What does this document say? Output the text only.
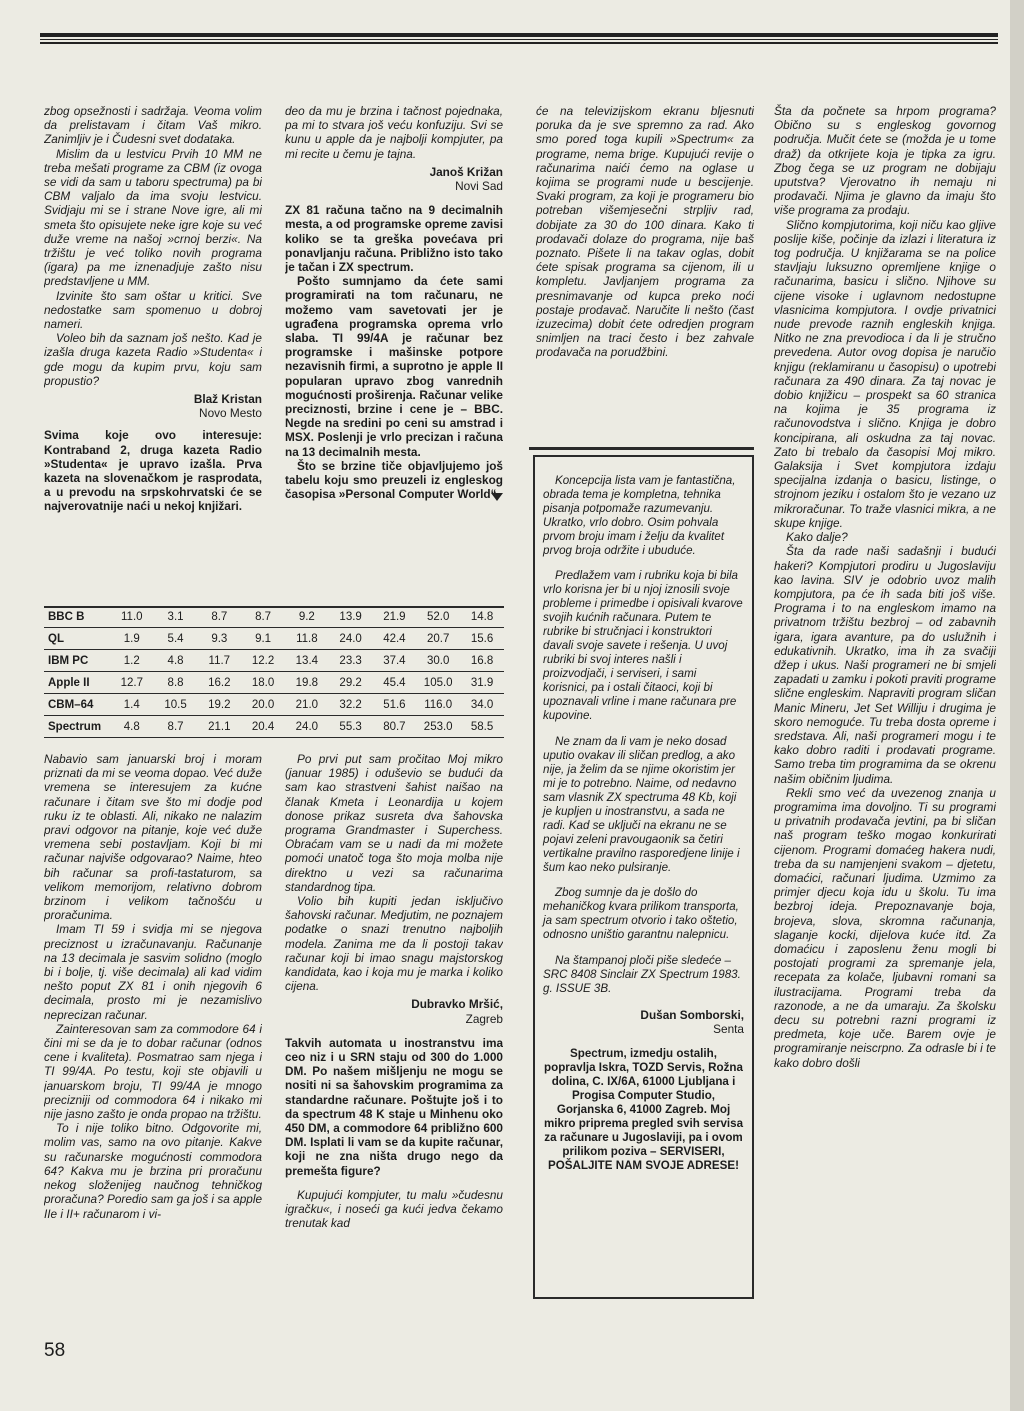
zbog opsežnosti i sadržaja. Veoma volim da prelistavam i čitam Vaš mikro. Zanimljiv je i Čudesni svet dodataka.

Mislim da u lestvicu Prvih 10 MM ne treba mešati programe za CBM (iz ovoga se vidi da sam u taboru spectruma) pa bi CBM valjalo da ima svoju lestvicu. Svidjaju mi se i strane Nove igre, ali mi smeta što opisujete neke igre koje su već duže vreme na našoj »crnoj berzi«. Na tržištu je već toliko novih programa (igara) pa me iznenadjuje zašto nisu predstavljene u MM.

Izvinite što sam oštar u kritici. Sve nedostatke sam spomenuo u dobroj nameri.

Voleo bih da saznam još nešto. Kad je izašla druga kazeta Radio »Studenta« i gde mogu da kupim prvu, koju sam propustio?

Blaž Kristan
Novo Mesto

Svima koje ovo interesuje: Kontraband 2, druga kazeta Radio »Studenta« je upravo izašla. Prva kazeta na slovenačkom je rasprodata, a u prevodu na srpskohrvatski će se najverovatnije naći u nekoj knjižari.

deo da mu je brzina i tačnost pojednaka, pa mi to stvara još veću konfuziju. Svi se kunu u apple da je najbolji kompjuter, pa mi recite u čemu je tajna.

Janoš Križan
Novi Sad

ZX 81 računa tačno na 9 decimalnih mesta, a od programske opreme zavisi koliko se ta greška povećava pri ponavljanju računa. Približno isto tako je tačan i ZX spectrum.

Pošto sumnjamo da ćete sami programirati na tom računaru, ne možemo vam savetovati jer je ugrađena programska oprema vrlo slaba. TI 99/4A je računar bez programske i mašinske potpore nezavisnih firmi, a suprotno je apple II popularan upravo zbog vanrednih mogućnosti proširenja. Računar velike preciznosti, brzine i cene je – BBC. Negde na sredini po ceni su amstrad i MSX. Poslenji je vrlo precizan i računa na 13 decimalnih mesta.

Što se brzine tiče objavljujemo još tabelu koju smo preuzeli iz engleskog časopisa »Personal Computer World“.

BBC B	11.0	3.1	8.7	8.7	9.2	13.9	21.9	52.0	14.8
QL	1.9	5.4	9.3	9.1	11.8	24.0	42.4	20.7	15.6
IBM PC	1.2	4.8	11.7	12.2	13.4	23.3	37.4	30.0	16.8
Apple II	12.7	8.8	16.2	18.0	19.8	29.2	45.4	105.0	31.9
CBM–64	1.4	10.5	19.2	20.0	21.0	32.2	51.6	116.0	34.0
Spectrum	4.8	8.7	21.1	20.4	24.0	55.3	80.7	253.0	58.5

Nabavio sam januarski broj i moram priznati da mi se veoma dopao. Već duže vremena se interesujem za kućne računare i čitam sve što mi dodje pod ruku iz te oblasti. Ali, nikako ne nalazim pravi odgovor na pitanje, koje već duže vremena sebi postavljam. Koji bi mi računar najviše odgovarao? Naime, hteo bih računar sa profi-tastaturom, sa velikom memorijom, relativno dobrom brzinom i velikom tačnošću u proračunima.

Imam TI 59 i svidja mi se njegova preciznost u izračunavanju. Računanje na 13 decimala je sasvim solidno (moglo bi i bolje, tj. više decimala) ali kad vidim nešto poput ZX 81 i onih njegovih 6 decimala, prosto mi je nezamislivo neprecizan računar.

Zainteresovan sam za commodore 64 i čini mi se da je to dobar računar (odnos cene i kvaliteta). Posmatrao sam njega i TI 99/4A. Po testu, koji ste objavili u januarskom broju, TI 99/4A je mnogo precizniji od commodora 64 i nikako mi nije jasno zašto je onda propao na tržištu.

To i nije toliko bitno. Odgovorite mi, molim vas, samo na ovo pitanje. Kakve su računarske mogućnosti commodora 64? Kakva mu je brzina pri proračunu nekog složenijeg naučnog tehničkog proračuna? Poredio sam ga još i sa apple IIe i II+ računarom i vi-

Po prvi put sam pročitao Moj mikro (januar 1985) i oduševio se budući da sam kao strastveni šahist naišao na članak Kmeta i Leonardija u kojem donose prikaz susreta dva šahovska programa Grandmaster i Superchess. Obraćam vam se u nadi da mi možete pomoći unatoč toga što moja molba nije direktno u vezi sa računarima standardnog tipa.

Volio bih kupiti jedan isključivo šahovski računar. Medjutim, ne poznajem podatke o snazi trenutno najboljih modela. Zanima me da li postoji takav računar koji bi imao snagu majstorskog kandidata, kao i koja mu je marka i koliko cijena.

Dubravko Mršić,
Zagreb

Takvih automata u inostranstvu ima ceo niz i u SRN staju od 300 do 1.000 DM. Po našem mišljenju ne mogu se nositi ni sa šahovskim programima za standardne računare. Poštujte još i to da spectrum 48 K staje u Minhenu oko 450 DM, a commodore 64 približno 600 DM. Isplati li vam se da kupite računar, koji ne zna ništa drugo nego da premešta figure?

Kupujući kompjuter, tu malu »čudesnu igračku«, i noseći ga kući jedva čekamo trenutak kad

će na televizijskom ekranu bljesnuti poruka da je sve spremno za rad. Ako smo pored toga kupili »Spectrum« za programe, nema brige. Kupujući revije o računarima naići ćemo na oglase u kojima se programi nude u bescijenje. Svaki program, za koji je programeru bio potreban višemjesečni strpljiv rad, dobijate za 30 do 100 dinara. Kako ti prodavači dolaze do programa, nije baš poznato. Pišete li na takav oglas, dobit ćete spisak programa sa cijenom, ili u kompletu. Javljanjem programa za presnimavanje od kupca preko noći postaje prodavač. Naručite li nešto (čast izuzecima) dobit ćete odredjen program snimljen na traci često i bez zahvale prodavača na porudžbini.

Koncepcija lista vam je fantastična, obrada tema je kompletna, tehnika pisanja potpomaže razumevanju. Ukratko, vrlo dobro. Osim pohvala prvom broju imam i želju da kvalitet prvog broja održite i ubuduće.

Predlažem vam i rubriku koja bi bila vrlo korisna jer bi u njoj iznosili svoje probleme i primedbe i opisivali kvarove svojih kućnih računara. Putem te rubrike bi stručnjaci i konstruktori davali svoje savete i rešenja. U uvoj rubriki bi svoj interes našli i proizvodjači, i serviseri, i sami korisnici, pa i ostali čitaoci, koji bi upoznavali vrline i mane računara pre kupovine.

Ne znam da li vam je neko dosad uputio ovakav ili sličan predlog, a ako nije, ja želim da se njime okoristim jer mi je to potrebno. Naime, od nedavno sam vlasnik ZX spectruma 48 Kb, koji je kupljen u inostranstvu, a sada ne radi. Kad se uključi na ekranu ne se pojavi zeleni pravougaonik sa četiri vertikalne pravilno rasporedjene linije i šum kao neko pulsiranje.

Zbog sumnje da je došlo do mehaničkog kvara prilikom transporta, ja sam spectrum otvorio i tako oštetio, odnosno uništio garantnu nalepnicu.

Na štampanoj ploči piše sledeće – SRC 8408 Sinclair ZX Spectrum 1983. g. ISSUE 3B.

Dušan Somborski,
Senta

Spectrum, izmedju ostalih, popravlja Iskra, TOZD Servis, Rožna dolina, C. IX/6A, 61000 Ljubljana i Progisa Computer Studio, Gorjanska 6, 41000 Zagreb. Moj mikro pripremа pregled svih servisa za računare u Jugoslaviji, pa i ovom prilikom poziva – SERVISERI, POŠALJITE NAM SVOJE ADRESE!

Šta da počnete sa hrpom programa? Obično su s engleskog govornog područja. Mučit ćete se (možda je u tome draž) da otkrijete koja je tipka za igru. Zbog čega se uz program ne dobijaju uputstva? Vjerovatno ih nemaju ni prodavači. Njima je glavno da imaju što više programa za prodaju.

Slično kompjutorima, koji niču kao gljive poslije kiše, počinje da izlazi i literatura iz tog područja. U knjižarama se na police stavljaju luksuzno opremljene knjige o računarima, basicu i slično. Njihove su cijene visoke i uglavnom nedostupne vlasnicima kompjutora. I ovdje privatnici nude prevode raznih engleskih knjiga. Nitko ne zna prevodioca i da li je stručno prevedena. Autor ovog dopisa je naručio knjigu (reklamiranu u časopisu) o upotrebi računara za 490 dinara. Za taj novac je dobio knjižicu – prospekt sa 60 stranica na kojima je 35 programa iz računovodstva i slično. Knjiga je dobro koncipirana, ali oskudna za taj novac. Zato bi trebalo da časopisi Moj mikro. Galaksija i Svet kompjutora izdaju specijalna izdanja o basicu, listinge, o strojnom jeziku i ostalom što je vezano uz mikroračunar. To traže vlasnici mikra, a ne skupe knjige.

Kako dalje?

Šta da rade naši sadašnji i budući hakeri? Kompjutori prodiru u Jugoslaviju kao lavina. SIV je odobrio uvoz malih kompjutora, pa će ih sada biti još više. Programa i to na engleskom imamo na privatnom tržištu bezbroj – od zabavnih igara, igara avanture, pa do uslužnih i edukativnih. Ukratko, ima ih za svačiji džep i ukus. Naši programeri ne bi smjeli zapadati u zamku i pokoti praviti programe slične engleskim. Napraviti program sličan Manic Mineru, Jet Set Williju i drugima je skoro nemoguće. Tu treba dosta opreme i sredstava. Ali, naši programeri mogu i te kako dobro raditi i prodavati programe. Samo treba tim programima da se okrenu našim običnim ljudima.

Rekli smo već da uvezenog znanja u programima ima dovoljno. Ti su programi u privatnih prodavača jevtini, pa bi sličan naš program teško mogao konkurirati cijenom. Programi domaćeg hakera nudi, treba da su namjenjeni svakom – djetetu, domaćici, računari ljudima. Uzmimo za primjer djecu koja idu u školu. Tu ima bezbroj ideja. Prepoznavanje boja, brojeva, slova, skromna računanja, slaganje kocki, dijelova kuće itd. Za domaćicu i zaposlenu ženu mogli bi postojati programi za spremanje jela, recepata za kolače, ljubavni romani sa ilustracijama. Programi treba da razonode, a ne da umaraju. Za školsku decu su potrebni razni programi iz predmeta, koje uče. Barem ovje je programiranje neiscrpno. Za odrasle bi i te kako dobro došli

58
